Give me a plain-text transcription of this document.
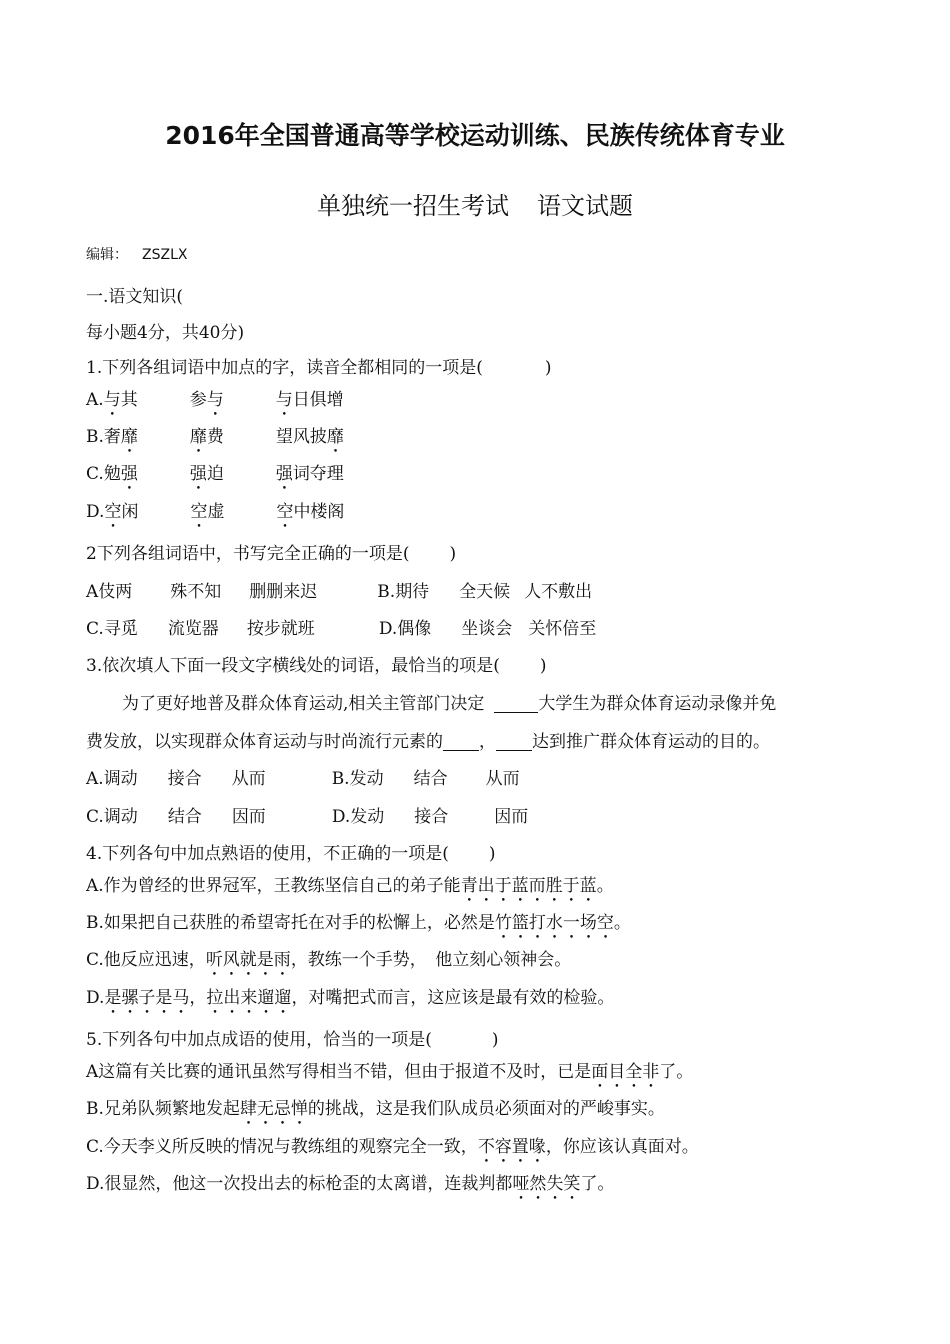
2016年全国普通高等学校运动训练、民族传统体育专业
单独统一招生考试 语文试题
编辑： ZSZLX
一.语文知识(
每小题4分，共40分)
1.下列各组词语中加点的字，读音全都相同的一项是(	)
A.与其	参与	与日俱增
B.奢靡	靡费	望风披靡
C.勉强	强迫	强词夺理
D.空闲	空虚	空中楼阁
2下列各组词语中，书写完全正确的一项是( )
A伎两 殊不知 删删来迟	B.期待 全天候 人不敷出
C.寻觅 流览器 按步就班	D.偶像 坐谈会 关怀倍至
3.依次填人下面一段文字横线处的词语，最恰当的项是( )
为了更好地普及群众体育运动,相关主管部门决定	大学生为群众体育运动录像并免
费发放，以实现群众体育运动与时尚流行元素的 ， 达到推广群众体育运动的目的。
A.调动 接合 从而	B.发动 结合 从而
C.调动 结合 因而	D.发动 接合	因而
4.下列各句中加点熟语的使用，不正确的一项是( )
A.作为曾经的世界冠军，王教练坚信自己的弟子能青出于蓝而胜于蓝。
B.如果把自己获胜的希望寄托在对手的松懈上，必然是竹篮打水一场空。
C.他反应迅速，听风就是雨，教练一个手势，　他立刻心领神会。
D.是骡子是马，拉出来遛遛，对嘴把式而言，这应该是最有效的检验。
5.下列各句中加点成语的使用，恰当的一项是(	)
A这篇有关比赛的通讯虽然写得相当不错，但由于报道不及时，已是面目全非了。
B.兄弟队频繁地发起肆无忌惮的挑战，这是我们队成员必须面对的严峻事实。
C.今天李义所反映的情况与教练组的观察完全一致，不容置喙，你应该认真面对。
D.很显然，他这一次投出去的标枪歪的太离谱，连裁判都哑然失笑了。
